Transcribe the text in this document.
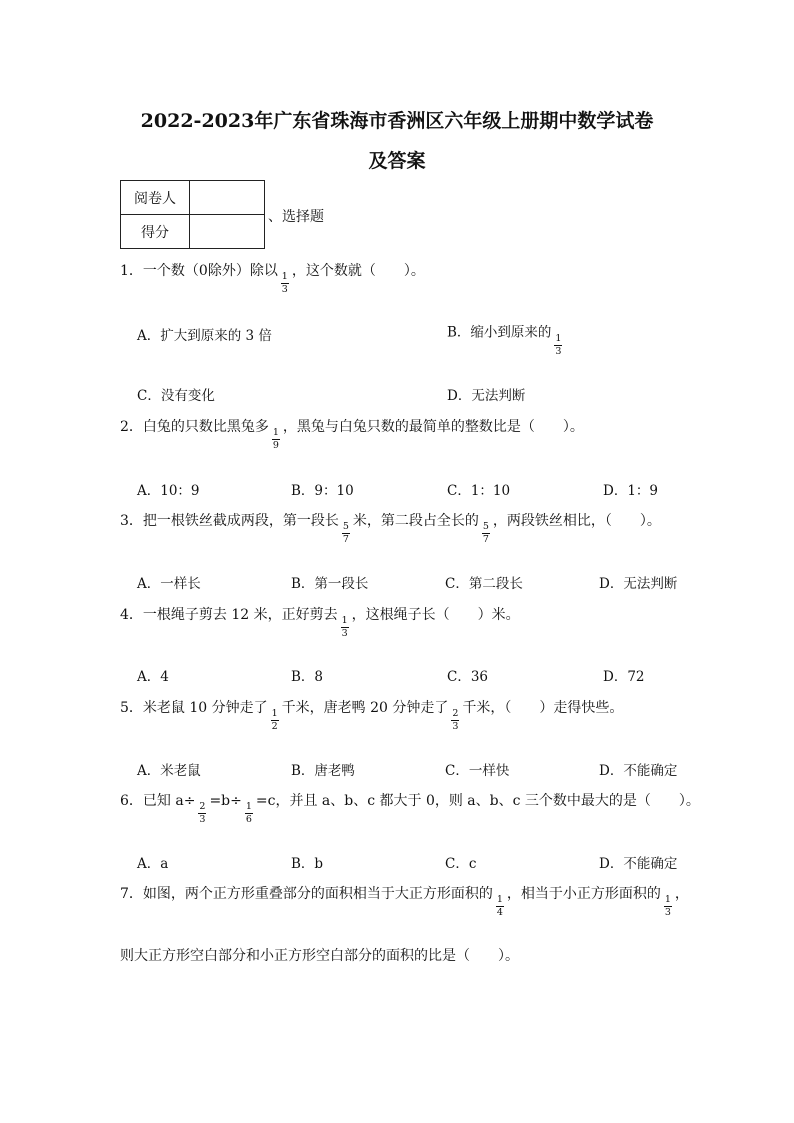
2022-2023年广东省珠海市香洲区六年级上册期中数学试卷
及答案
阅卷人	
得分	
、选择题
1．一个数（0除外）除以 $\frac{1}{3}$ ，这个数就（　　）。
A．扩大到原来的 3 倍	B．缩小到原来的 $\frac{1}{3}$
C．没有变化	D．无法判断
2．白兔的只数比黑兔多 $\frac{1}{9}$ ，黑兔与白兔只数的最简单的整数比是（　　）。
A．10：9	B．9：10	C．1：10	D．1：9
3．把一根铁丝截成两段，第一段长 $\frac{5}{7}$ 米，第二段占全长的 $\frac{5}{7}$ ，两段铁丝相比，（　　）。
A．一样长	B．第一段长	C．第二段长	D．无法判断
4．一根绳子剪去 12 米，正好剪去 $\frac{1}{3}$ ，这根绳子长（　　）米。
A．4	B．8	C．36	D．72
5．米老鼠 10 分钟走了 $\frac{1}{2}$ 千米，唐老鸭 20 分钟走了 $\frac{2}{3}$ 千米，（　　）走得快些。
A．米老鼠	B．唐老鸭	C．一样快	D．不能确定
6．已知 $a\div \frac{2}{3} =b\div \frac{1}{6} =c$，并且 a、b、c 都大于 0，则 a、b、c 三个数中最大的是（　　）。
A．a	B．b	C．c	D．不能确定
7．如图，两个正方形重叠部分的面积相当于大正方形面积的 $\frac{1}{4}$ ，相当于小正方形面积的 $\frac{1}{3}$ ，
则大正方形空白部分和小正方形空白部分的面积的比是（　　）。
